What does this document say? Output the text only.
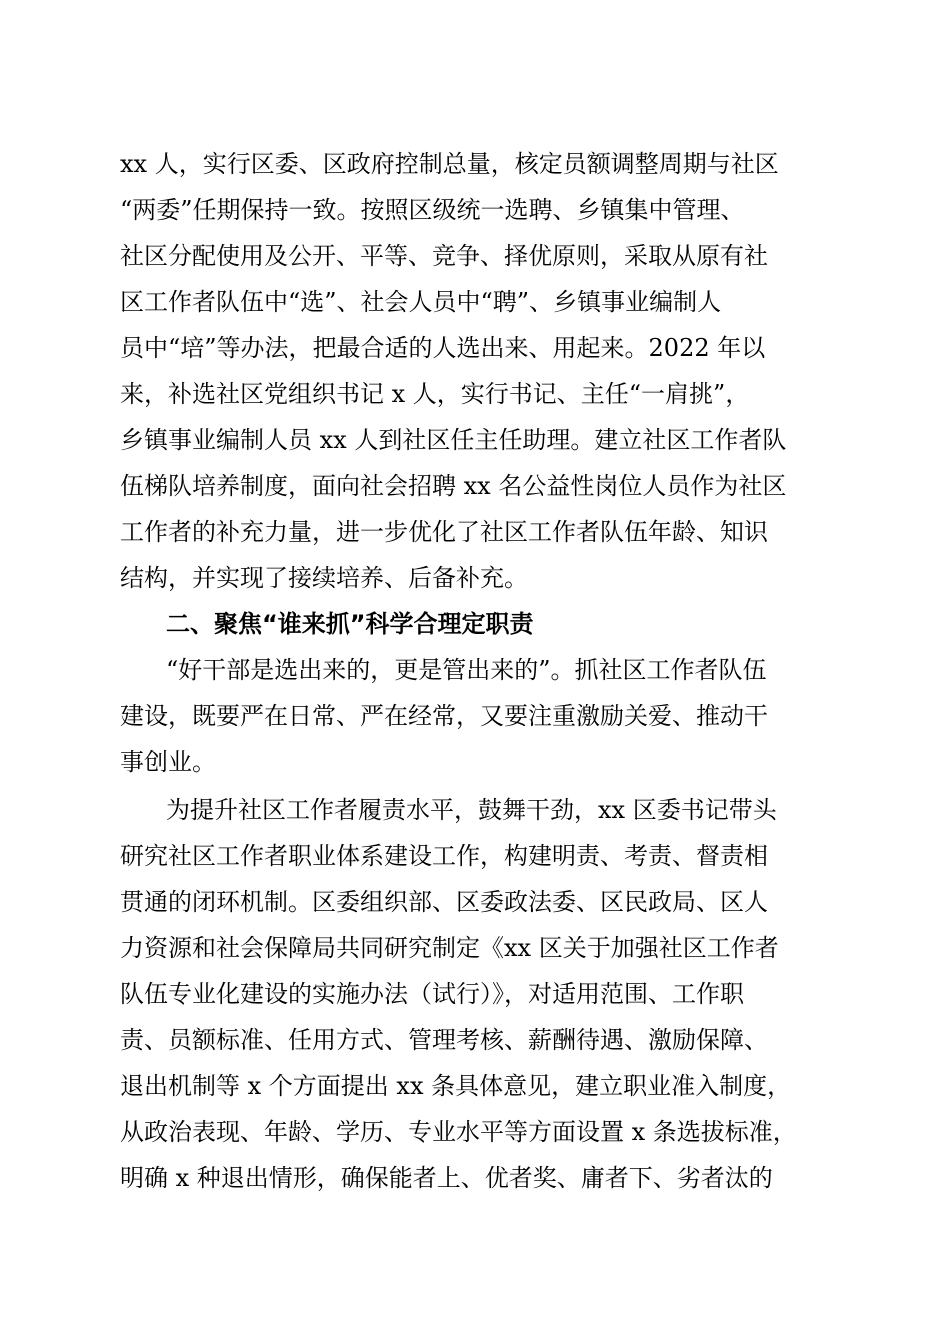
xx 人，实行区委、区政府控制总量，核定员额调整周期与社区
“两委”任期保持一致。按照区级统一选聘、乡镇集中管理、
社区分配使用及公开、平等、竞争、择优原则，采取从原有社
区工作者队伍中“选”、社会人员中“聘”、乡镇事业编制人
员中“培”等办法，把最合适的人选出来、用起来。2022 年以
来，补选社区党组织书记 x 人，实行书记、主任“一肩挑”，
乡镇事业编制人员 xx 人到社区任主任助理。建立社区工作者队
伍梯队培养制度，面向社会招聘 xx 名公益性岗位人员作为社区
工作者的补充力量，进一步优化了社区工作者队伍年龄、知识
结构，并实现了接续培养、后备补充。
二、聚焦“谁来抓”科学合理定职责
“好干部是选出来的，更是管出来的”。抓社区工作者队伍
建设，既要严在日常、严在经常，又要注重激励关爱、推动干
事创业。
为提升社区工作者履责水平，鼓舞干劲，xx 区委书记带头
研究社区工作者职业体系建设工作，构建明责、考责、督责相
贯通的闭环机制。区委组织部、区委政法委、区民政局、区人
力资源和社会保障局共同研究制定《xx 区关于加强社区工作者
队伍专业化建设的实施办法（试行）》，对适用范围、工作职
责、员额标准、任用方式、管理考核、薪酬待遇、激励保障、
退出机制等 x 个方面提出 xx 条具体意见，建立职业准入制度，
从政治表现、年龄、学历、专业水平等方面设置 x 条选拔标准，
明确 x 种退出情形，确保能者上、优者奖、庸者下、劣者汰的
